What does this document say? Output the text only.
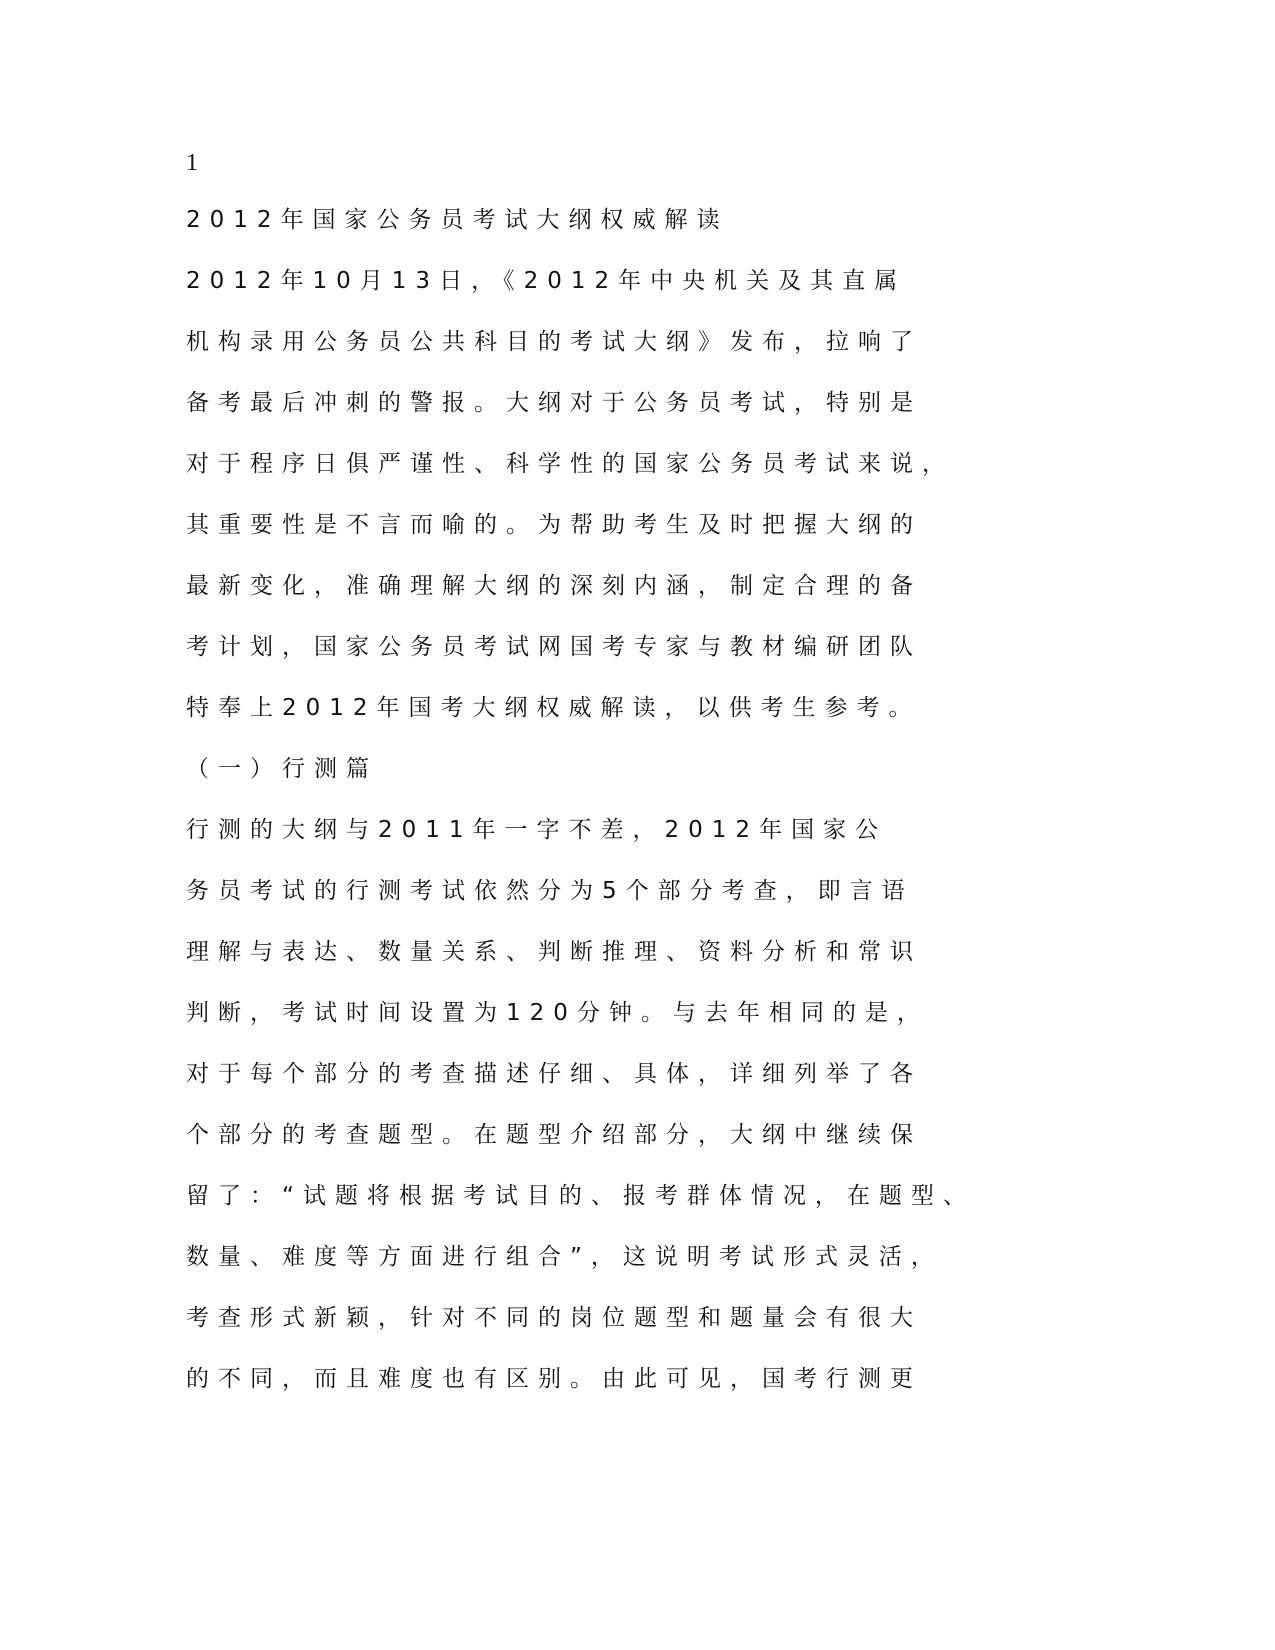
1
2012年国家公务员考试大纲权威解读
2012年10月13日，《2012年中央机关及其直属
机构录用公务员公共科目的考试大纲》发布，拉响了
备考最后冲刺的警报。大纲对于公务员考试，特别是
对于程序日俱严谨性、科学性的国家公务员考试来说，
其重要性是不言而喻的。为帮助考生及时把握大纲的
最新变化，准确理解大纲的深刻内涵，制定合理的备
考计划，国家公务员考试网国考专家与教材编研团队
特奉上2012年国考大纲权威解读，以供考生参考。
（一）行测篇
行测的大纲与2011年一字不差，2012年国家公
务员考试的行测考试依然分为5个部分考查，即言语
理解与表达、数量关系、判断推理、资料分析和常识
判断，考试时间设置为120分钟。与去年相同的是，
对于每个部分的考查描述仔细、具体，详细列举了各
个部分的考查题型。在题型介绍部分，大纲中继续保
留了：“试题将根据考试目的、报考群体情况，在题型、
数量、难度等方面进行组合”，这说明考试形式灵活，
考查形式新颖，针对不同的岗位题型和题量会有很大
的不同，而且难度也有区别。由此可见，国考行测更
